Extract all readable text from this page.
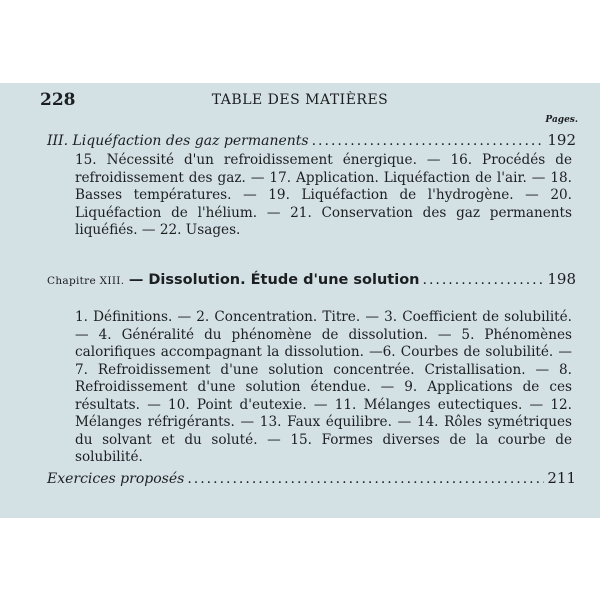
228	TABLE DES MATIÈRES
Pages.
III. Liquéfaction des gaz permanents .....	192
15. Nécessité d'un refroidissement énergique. — 16. Procédés de refroidissement des gaz. — 17. Application. Liquéfaction de l'air. — 18. Basses températures. — 19. Liquéfaction de l'hydrogène. — 20. Liquéfaction de l'hélium. — 21. Conservation des gaz permanents liquéfiés. — 22. Usages.
Chapitre XIII. — Dissolution. Étude d'une solution .....	198
1. Définitions. — 2. Concentration. Titre. — 3. Coefficient de solubilité. — 4. Généralité du phénomène de dissolution. — 5. Phénomènes calorifiques accompagnant la dissolution. —6. Courbes de solubilité. — 7. Refroidissement d'une solution concentrée. Cristallisation. — 8. Refroidissement d'une solution étendue. — 9. Applications de ces résultats. — 10. Point d'eutexie. — 11. Mélanges eutectiques. — 12. Mélanges réfrigérants. — 13. Faux équilibre. — 14. Rôles symétriques du solvant et du soluté. — 15. Formes diverses de la courbe de solubilité.
Exercices proposés .....	211
